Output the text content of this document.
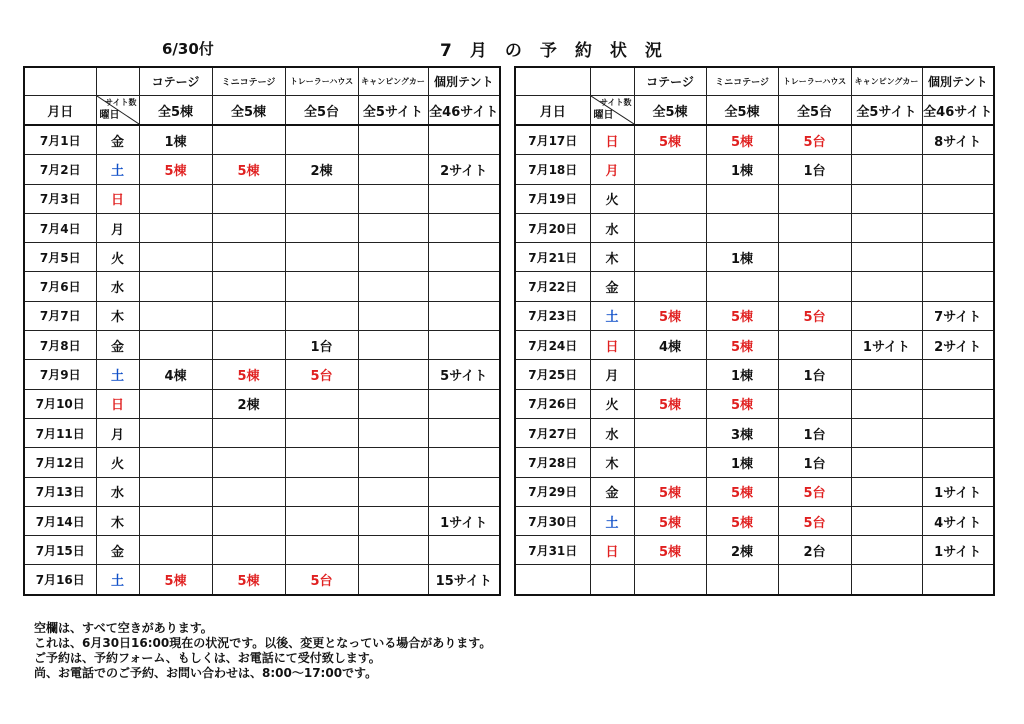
6/30付	7月の予約状況
		コテージ	ミニコテージ	トレーラーハウス	キャンピングカー	個別テント
月日	サイト数
曜日	全5棟	全5棟	全5台	全5サイト	全46サイト
7月1日	金	1棟				
7月2日	土	5棟	5棟	2棟		2サイト
7月3日	日					
7月4日	月					
7月5日	火					
7月6日	水					
7月7日	木					
7月8日	金			1台		
7月9日	土	4棟	5棟	5台		5サイト
7月10日	日		2棟			
7月11日	月					
7月12日	火					
7月13日	水					
7月14日	木					1サイト
7月15日	金					
7月16日	土	5棟	5棟	5台		15サイト
		コテージ	ミニコテージ	トレーラーハウス	キャンピングカー	個別テント
月日	サイト数
曜日	全5棟	全5棟	全5台	全5サイト	全46サイト
7月17日	日	5棟	5棟	5台		8サイト
7月18日	月		1棟	1台		
7月19日	火					
7月20日	水					
7月21日	木		1棟			
7月22日	金					
7月23日	土	5棟	5棟	5台		7サイト
7月24日	日	4棟	5棟		1サイト	2サイト
7月25日	月		1棟	1台		
7月26日	火	5棟	5棟			
7月27日	水		3棟	1台		
7月28日	木		1棟	1台		
7月29日	金	5棟	5棟	5台		1サイト
7月30日	土	5棟	5棟	5台		4サイト
7月31日	日	5棟	2棟	2台		1サイト

空欄は、すべて空きがあります。
これは、6月30日16:00現在の状況です。以後、変更となっている場合があります。
ご予約は、予約フォーム、もしくは、お電話にて受付致します。
尚、お電話でのご予約、お問い合わせは、8:00〜17:00です。
